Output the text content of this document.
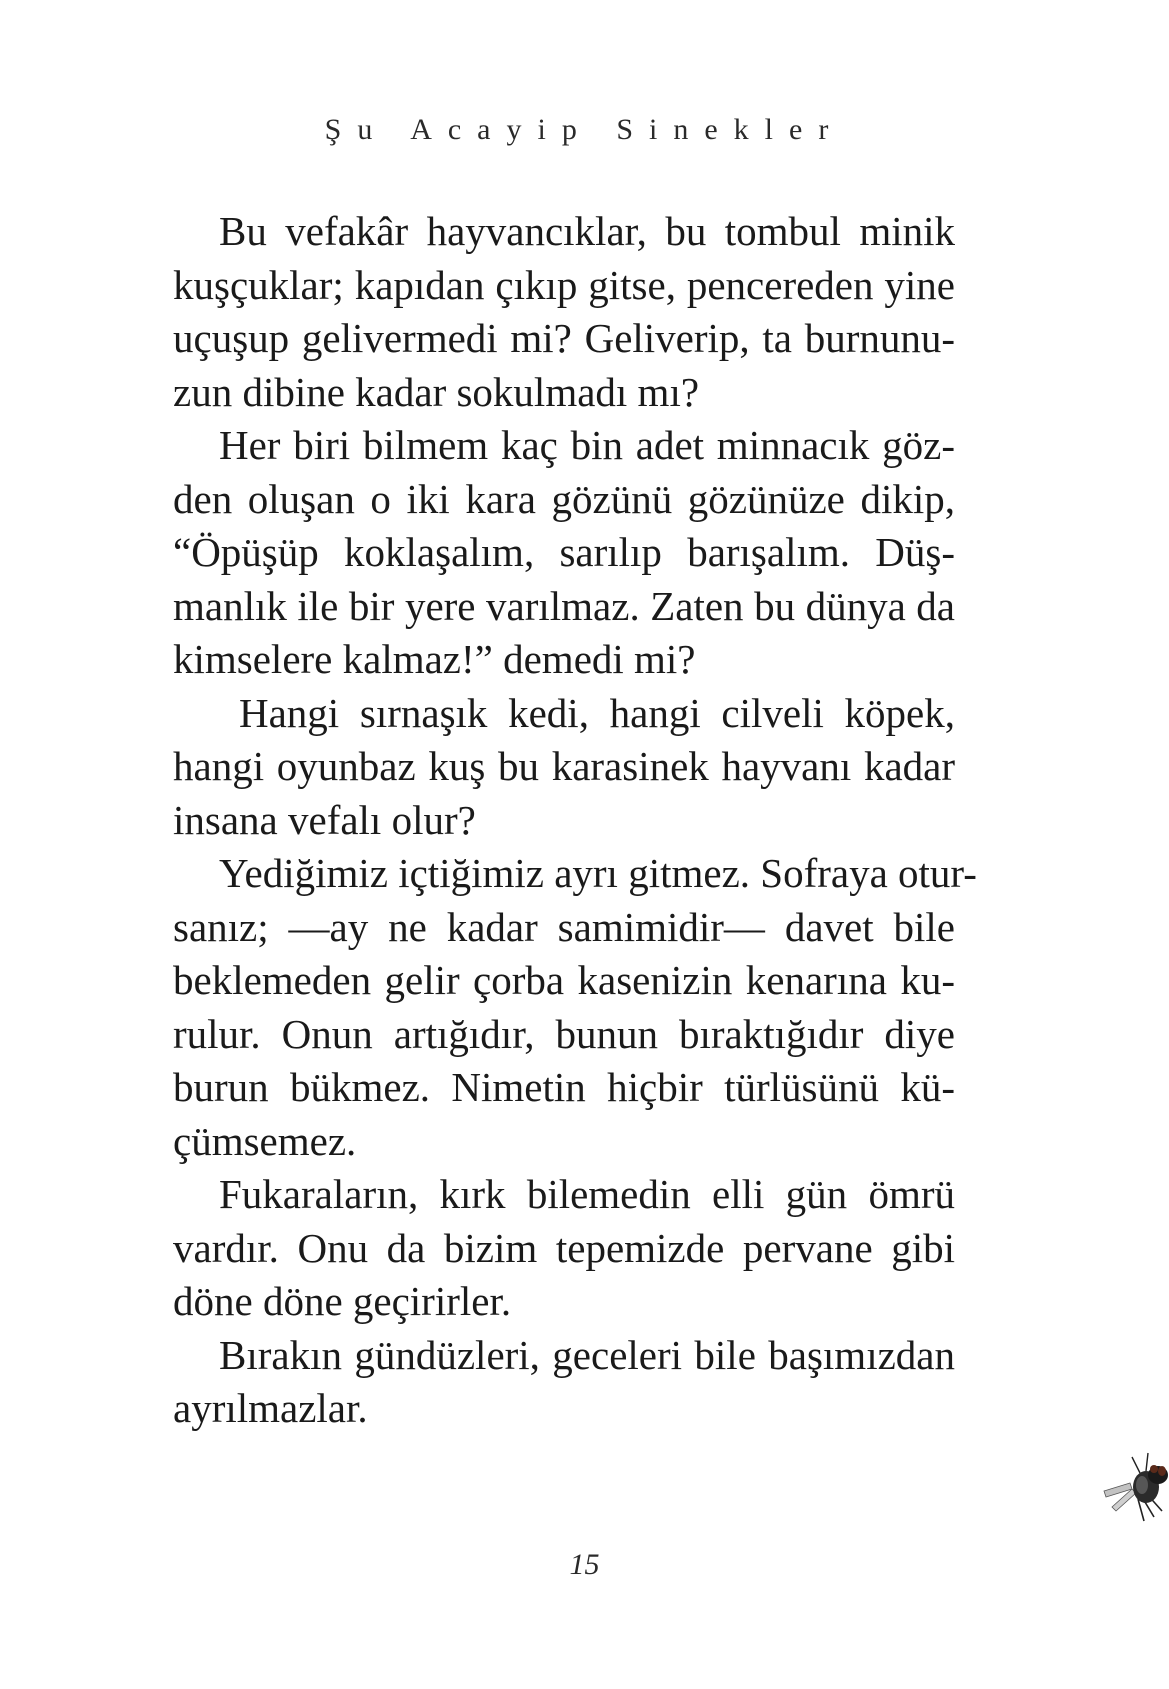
Şu Acayip Sinekler
Bu vefakâr hayvancıklar, bu tombul minik
kuşçuklar; kapıdan çıkıp gitse, pencereden yine
uçuşup gelivermedi mi? Geliverip, ta burnunu-
zun dibine kadar sokulmadı mı?
Her biri bilmem kaç bin adet minnacık göz-
den oluşan o iki kara gözünü gözünüze dikip,
“Öpüşüp koklaşalım, sarılıp barışalım. Düş-
manlık ile bir yere varılmaz. Zaten bu dünya da
kimselere kalmaz!” demedi mi?
Hangi sırnaşık kedi, hangi cilveli köpek,
hangi oyunbaz kuş bu karasinek hayvanı kadar
insana vefalı olur?
Yediğimiz içtiğimiz ayrı gitmez. Sofraya otur-
sanız; —ay ne kadar samimidir— davet bile
beklemeden gelir çorba kasenizin kenarına ku-
rulur. Onun artığıdır, bunun bıraktığıdır diye
burun bükmez. Nimetin hiçbir türlüsünü kü-
çümsemez.
Fukaraların, kırk bilemedin elli gün ömrü
vardır. Onu da bizim tepemizde pervane gibi
döne döne geçirirler.
Bırakın gündüzleri, geceleri bile başımızdan
ayrılmazlar.
15
